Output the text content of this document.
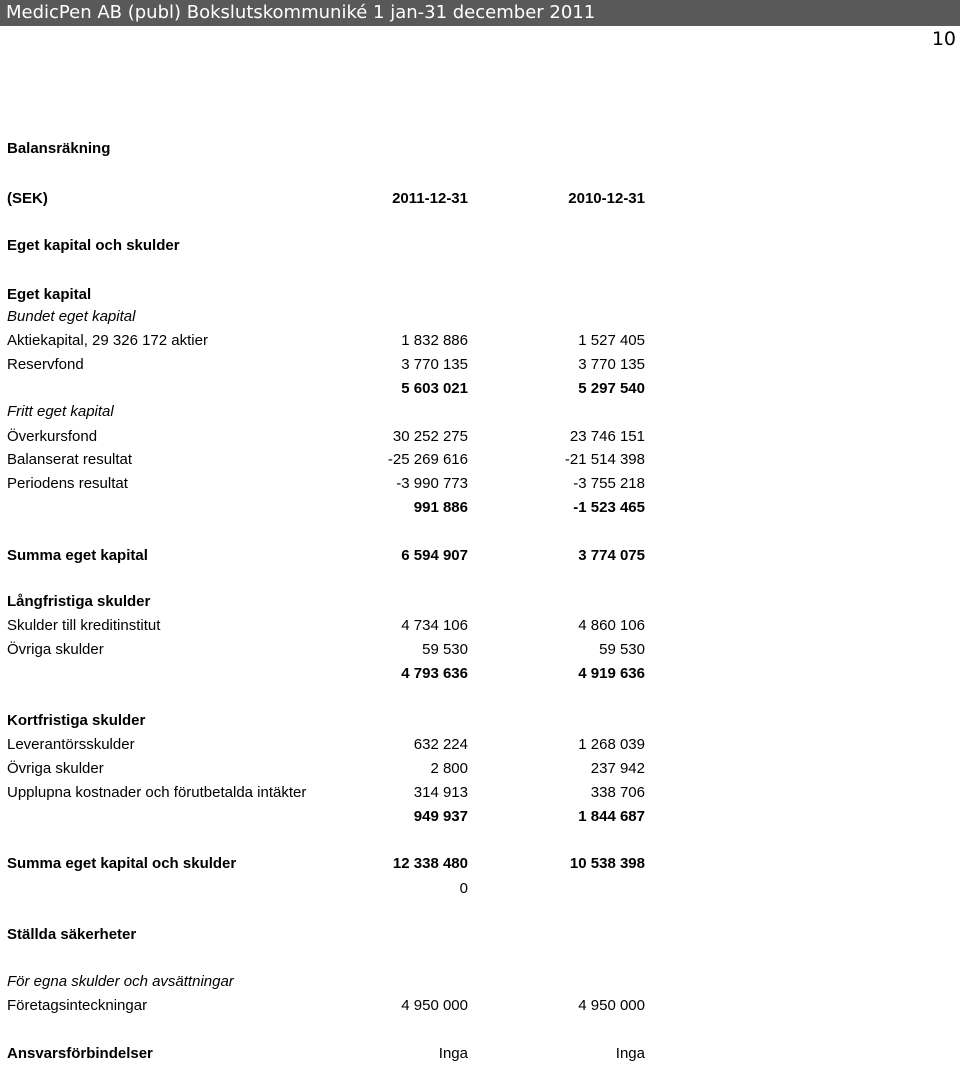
MedicPen AB (publ) Bokslutskommuniké 1 jan-31 december 2011
10
Balansräkning
(SEK)	2011-12-31	2010-12-31
Eget kapital och skulder
Eget kapital
Bundet eget kapital
Aktiekapital, 29 326 172 aktier	1 832 886	1 527 405
Reservfond	3 770 135	3 770 135
5 603 021	5 297 540
Fritt eget kapital
Överkursfond	30 252 275	23 746 151
Balanserat resultat	-25 269 616	-21 514 398
Periodens resultat	-3 990 773	-3 755 218
991 886	-1 523 465
Summa eget kapital	6 594 907	3 774 075
Långfristiga skulder
Skulder till kreditinstitut	4 734 106	4 860 106
Övriga skulder	59 530	59 530
4 793 636	4 919 636
Kortfristiga skulder
Leverantörsskulder	632 224	1 268 039
Övriga skulder	2 800	237 942
Upplupna kostnader och förutbetalda intäkter	314 913	338 706
949 937	1 844 687
Summa eget kapital och skulder	12 338 480	10 538 398
0
Ställda säkerheter
För egna skulder och avsättningar
Företagsinteckningar	4 950 000	4 950 000
Ansvarsförbindelser	Inga	Inga
